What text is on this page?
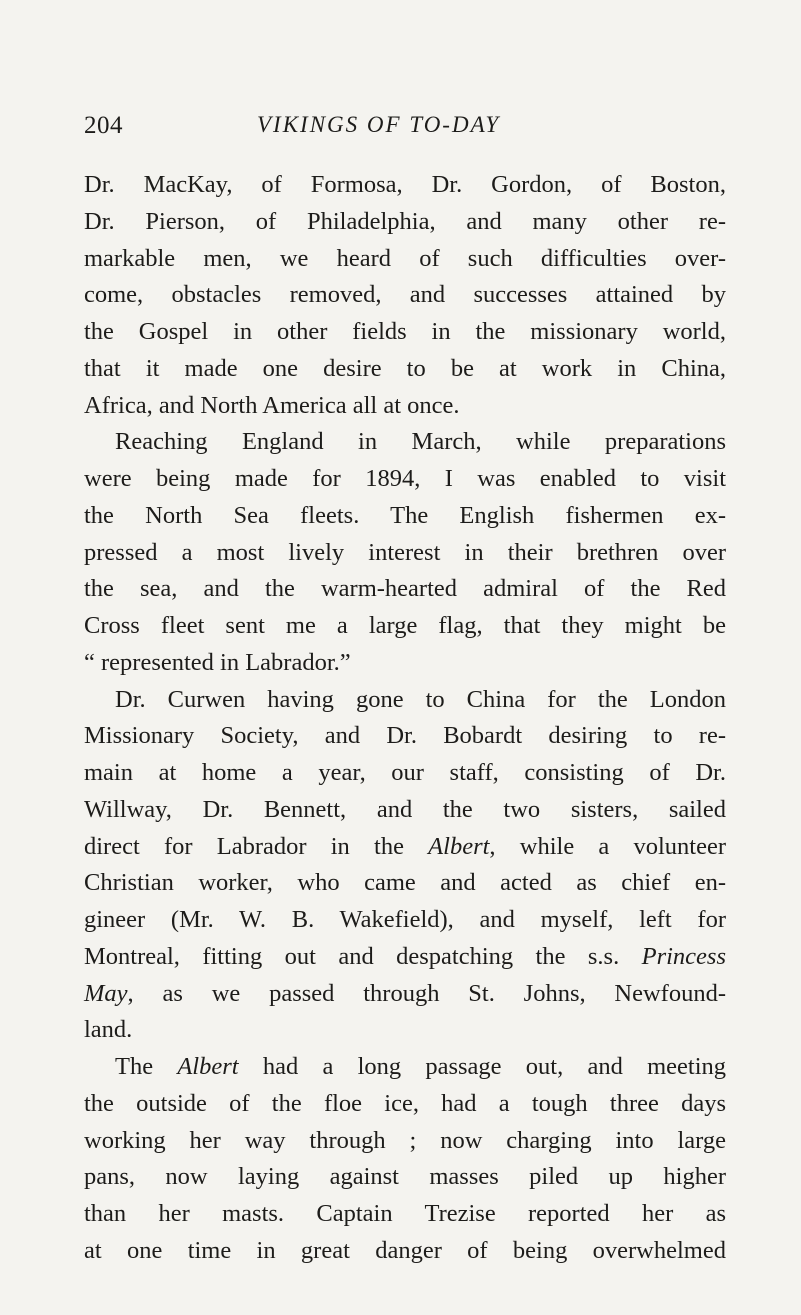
204	VIKINGS OF TO-DAY
Dr. MacKay, of Formosa, Dr. Gordon, of Boston,
Dr. Pierson, of Philadelphia, and many other re-
markable men, we heard of such difficulties over-
come, obstacles removed, and successes attained by
the Gospel in other fields in the missionary world,
that it made one desire to be at work in China,
Africa, and North America all at once.
Reaching England in March, while preparations
were being made for 1894, I was enabled to visit
the North Sea fleets. The English fishermen ex-
pressed a most lively interest in their brethren over
the sea, and the warm-hearted admiral of the Red
Cross fleet sent me a large flag, that they might be
“ represented in Labrador.”
Dr. Curwen having gone to China for the London
Missionary Society, and Dr. Bobardt desiring to re-
main at home a year, our staff, consisting of Dr.
Willway, Dr. Bennett, and the two sisters, sailed
direct for Labrador in the Albert, while a volunteer
Christian worker, who came and acted as chief en-
gineer (Mr. W. B. Wakefield), and myself, left for
Montreal, fitting out and despatching the s.s. Princess
May, as we passed through St. Johns, Newfound-
land.
The Albert had a long passage out, and meeting
the outside of the floe ice, had a tough three days
working her way through ; now charging into large
pans, now laying against masses piled up higher
than her masts. Captain Trezise reported her as
at one time in great danger of being overwhelmed
